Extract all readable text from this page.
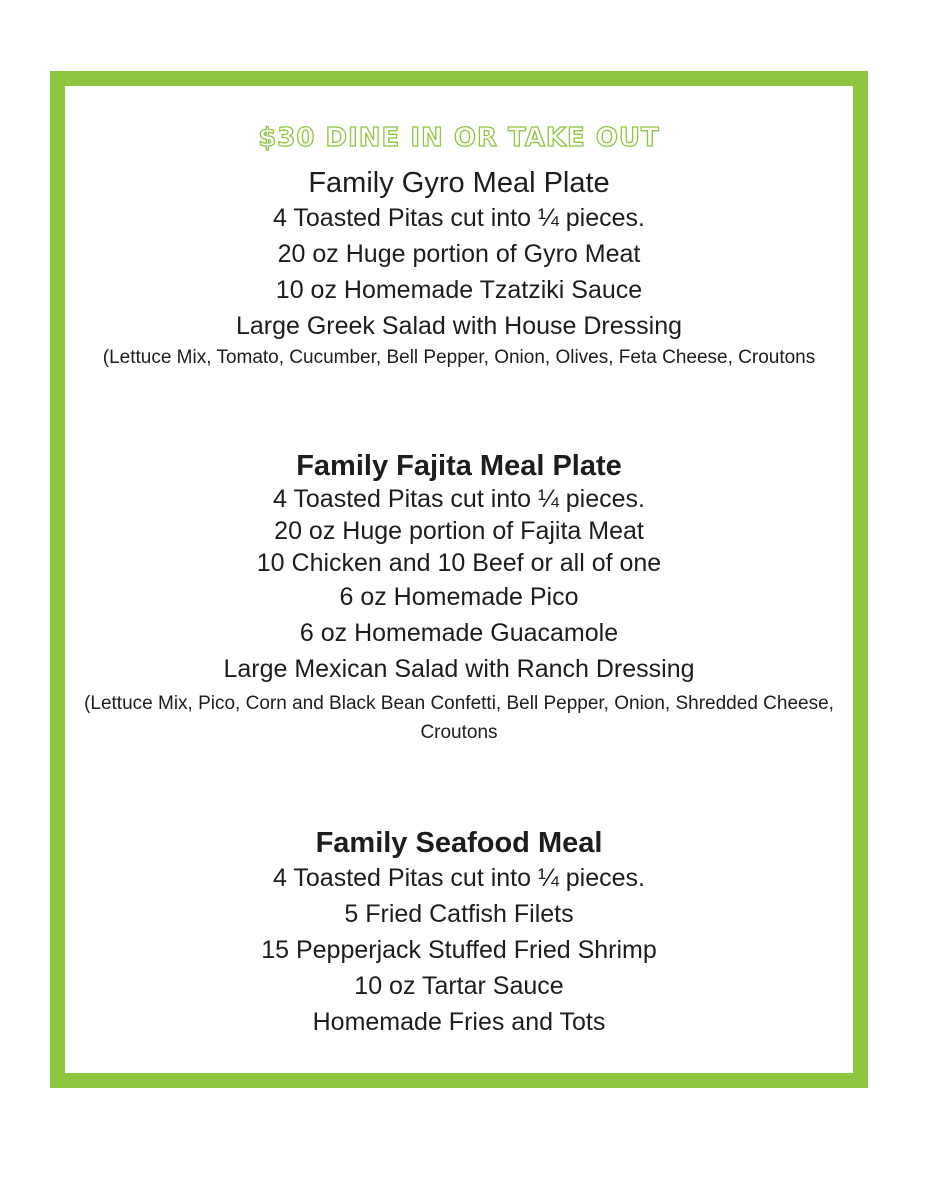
$30 DINE IN OR TAKE OUT

Family Gyro Meal Plate

4 Toasted Pitas cut into ¼ pieces.

20 oz Huge portion of Gyro Meat

10 oz Homemade Tzatziki Sauce

Large Greek Salad with House Dressing

(Lettuce Mix, Tomato, Cucumber, Bell Pepper, Onion, Olives, Feta Cheese, Croutons

Family Fajita Meal Plate

4 Toasted Pitas cut into ¼ pieces.

20 oz Huge portion of Fajita Meat

10 Chicken and 10 Beef or all of one

6 oz Homemade Pico

6 oz Homemade Guacamole

Large Mexican Salad with Ranch Dressing

(Lettuce Mix, Pico, Corn and Black Bean Confetti, Bell Pepper, Onion, Shredded Cheese, Croutons

Family Seafood Meal

4 Toasted Pitas cut into ¼ pieces.

5 Fried Catfish Filets

15 Pepperjack Stuffed Fried Shrimp

10 oz Tartar Sauce

Homemade Fries and Tots
